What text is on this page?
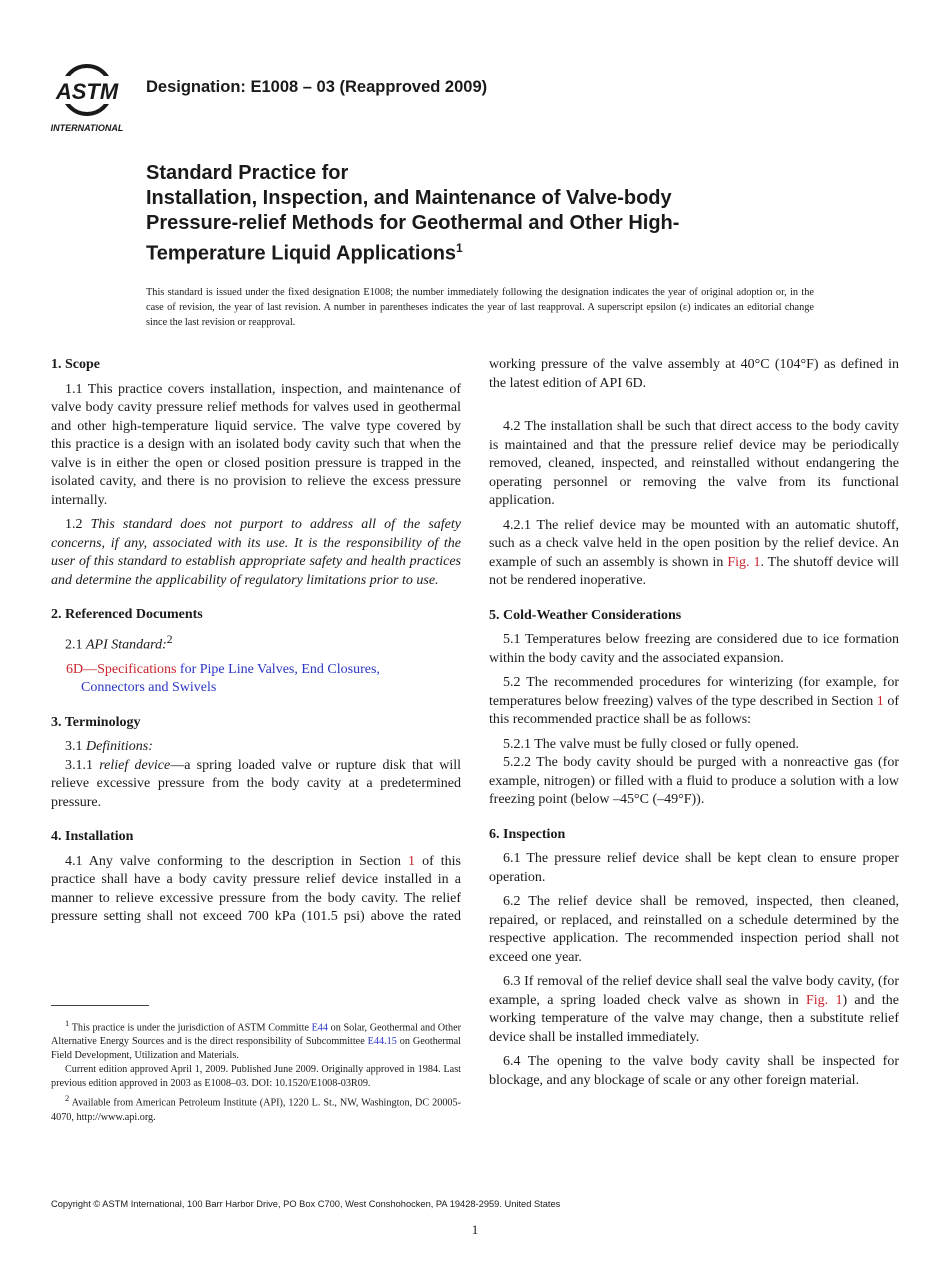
ASTM
INTERNATIONAL
Designation: E1008 – 03 (Reapproved 2009)
Standard Practice for
Installation, Inspection, and Maintenance of Valve-body
Pressure-relief Methods for Geothermal and Other High-
Temperature Liquid Applications$^1$
This standard is issued under the fixed designation E1008; the number immediately following the designation indicates the year of original adoption or, in the case of revision, the year of last revision. A number in parentheses indicates the year of last reapproval. A superscript epsilon (ε) indicates an editorial change since the last revision or reapproval.
1. Scope

1.1 This practice covers installation, inspection, and maintenance of valve body cavity pressure relief methods for valves used in geothermal and other high-temperature liquid service. The valve type covered by this practice is a design with an isolated body cavity such that when the valve is in either the open or closed position pressure is trapped in the isolated cavity, and there is no provision to relieve the excess pressure internally.

1.2 This standard does not purport to address all of the safety concerns, if any, associated with its use. It is the responsibility of the user of this standard to establish appropriate safety and health practices and determine the applicability of regulatory limitations prior to use.

2. Referenced Documents

2.1 API Standard:$^2$

6D—Specifications for Pipe Line Valves, End Closures,
Connectors and Swivels
3. Terminology

3.1 Definitions:

3.1.1 relief device—a spring loaded valve or rupture disk that will relieve excessive pressure from the body cavity at a predetermined pressure.

4. Installation

4.1 Any valve conforming to the description in Section 1 of this practice shall have a body cavity pressure relief device installed in a manner to relieve excessive pressure from the body cavity. The relief pressure setting shall not exceed 700 kPa (101.5 psi) above the rated

working pressure of the valve assembly at 40°C (104°F) as defined in the latest edition of API 6D.

4.2 The installation shall be such that direct access to the body cavity is maintained and that the pressure relief device may be periodically removed, cleaned, inspected, and reinstalled without endangering the operating personnel or removing the valve from its functional application.

4.2.1 The relief device may be mounted with an automatic shutoff, such as a check valve held in the open position by the relief device. An example of such an assembly is shown in Fig. 1. The shutoff device will not be rendered inoperative.

5. Cold-Weather Considerations

5.1 Temperatures below freezing are considered due to ice formation within the body cavity and the associated expansion.

5.2 The recommended procedures for winterizing (for example, for temperatures below freezing) valves of the type described in Section 1 of this recommended practice shall be as follows:

5.2.1 The valve must be fully closed or fully opened.

5.2.2 The body cavity should be purged with a nonreactive gas (for example, nitrogen) or filled with a fluid to produce a solution with a low freezing point (below –45°C (–49°F)).

6. Inspection

6.1 The pressure relief device shall be kept clean to ensure proper operation.

6.2 The relief device shall be removed, inspected, then cleaned, repaired, or replaced, and reinstalled on a schedule determined by the respective application. The recommended inspection period shall not exceed one year.

6.3 If removal of the relief device shall seal the valve body cavity, (for example, a spring loaded check valve as shown in Fig. 1) and the working temperature of the valve may change, then a substitute relief device shall be installed immediately.

6.4 The opening to the valve body cavity shall be inspected for blockage, and any blockage of scale or any other foreign material.

$^1$ This practice is under the jurisdiction of ASTM Committe E44 on Solar, Geothermal and Other Alternative Energy Sources and is the direct responsibility of Subcommittee E44.15 on Geothermal Field Development, Utilization and Materials.

Current edition approved April 1, 2009. Published June 2009. Originally approved in 1984. Last previous edition approved in 2003 as E1008–03. DOI: 10.1520/E1008-03R09.

$^2$ Available from American Petroleum Institute (API), 1220 L. St., NW, Washington, DC 20005-4070, http://www.api.org.

Copyright © ASTM International, 100 Barr Harbor Drive, PO Box C700, West Conshohocken, PA 19428-2959. United States
1
